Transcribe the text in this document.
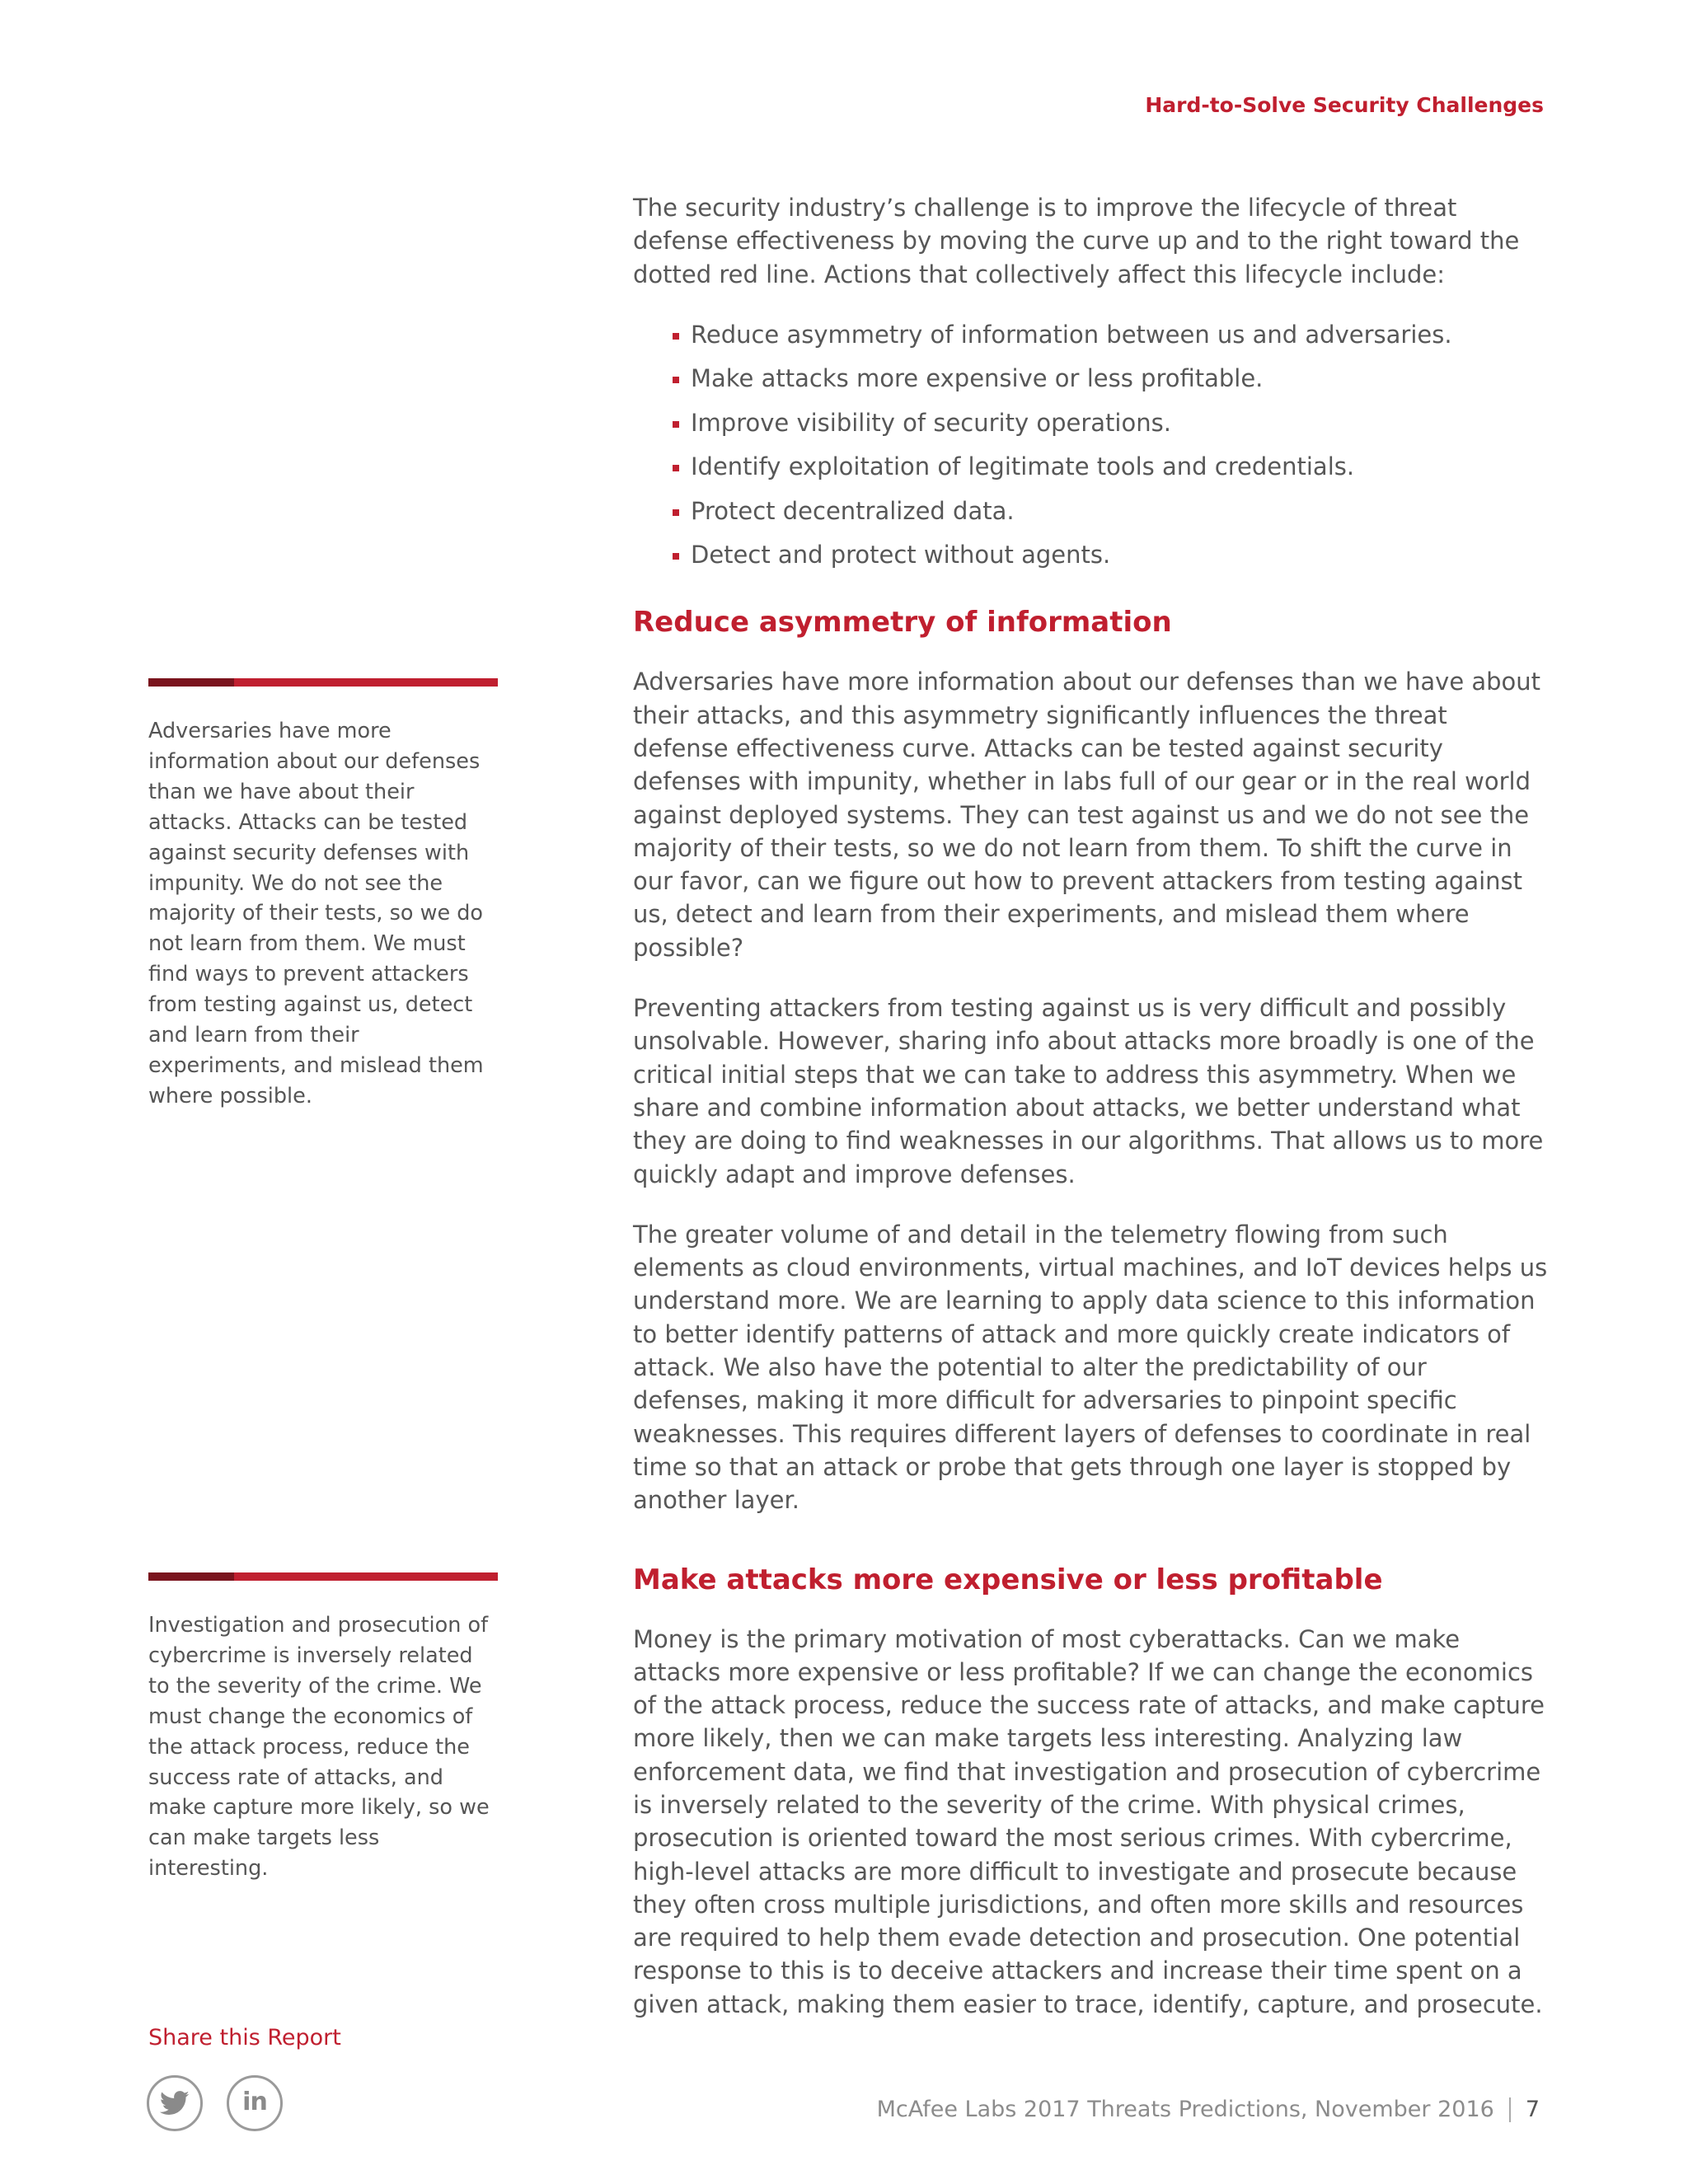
Hard-to-Solve Security Challenges

The security industry’s challenge is to improve the lifecycle of threat defense effectiveness by moving the curve up and to the right toward the dotted red line. Actions that collectively affect this lifecycle include:

Reduce asymmetry of information between us and adversaries.
Make attacks more expensive or less profitable.
Improve visibility of security operations.
Identify exploitation of legitimate tools and credentials.
Protect decentralized data.
Detect and protect without agents.
Reduce asymmetry of information

Adversaries have more information about our defenses than we have about their attacks, and this asymmetry significantly influences the threat defense effectiveness curve. Attacks can be tested against security defenses with impunity, whether in labs full of our gear or in the real world against deployed systems. They can test against us and we do not see the majority of their tests, so we do not learn from them. To shift the curve in our favor, can we figure out how to prevent attackers from testing against us, detect and learn from their experiments, and mislead them where possible?

Preventing attackers from testing against us is very difficult and possibly unsolvable. However, sharing info about attacks more broadly is one of the critical initial steps that we can take to address this asymmetry. When we share and combine information about attacks, we better understand what they are doing to find weaknesses in our algorithms. That allows us to more quickly adapt and improve defenses.

The greater volume of and detail in the telemetry flowing from such elements as cloud environments, virtual machines, and IoT devices helps us understand more. We are learning to apply data science to this information to better identify patterns of attack and more quickly create indicators of attack. We also have the potential to alter the predictability of our defenses, making it more difficult for adversaries to pinpoint specific weaknesses. This requires different layers of defenses to coordinate in real time so that an attack or probe that gets through one layer is stopped by another layer.

Make attacks more expensive or less profitable

Money is the primary motivation of most cyberattacks. Can we make attacks more expensive or less profitable? If we can change the economics of the attack process, reduce the success rate of attacks, and make capture more likely, then we can make targets less interesting. Analyzing law enforcement data, we find that investigation and prosecution of cybercrime is inversely related to the severity of the crime. With physical crimes, prosecution is oriented toward the most serious crimes. With cybercrime, high-level attacks are more difficult to investigate and prosecute because they often cross multiple jurisdictions, and often more skills and resources are required to help them evade detection and prosecution. One potential response to this is to deceive attackers and increase their time spent on a given attack, making them easier to trace, identify, capture, and prosecute.

Adversaries have more information about our defenses than we have about their attacks. Attacks can be tested against security defenses with impunity. We do not see the majority of their tests, so we do not learn from them. We must find ways to prevent attackers from testing against us, detect and learn from their experiments, and mislead them where possible.

Investigation and prosecution of cybercrime is inversely related to the severity of the crime. We must change the economics of the attack process, reduce the success rate of attacks, and make capture more likely, so we can make targets less interesting.

Share this Report
in	McAfee Labs 2017 Threats Predictions, November 2016 7
